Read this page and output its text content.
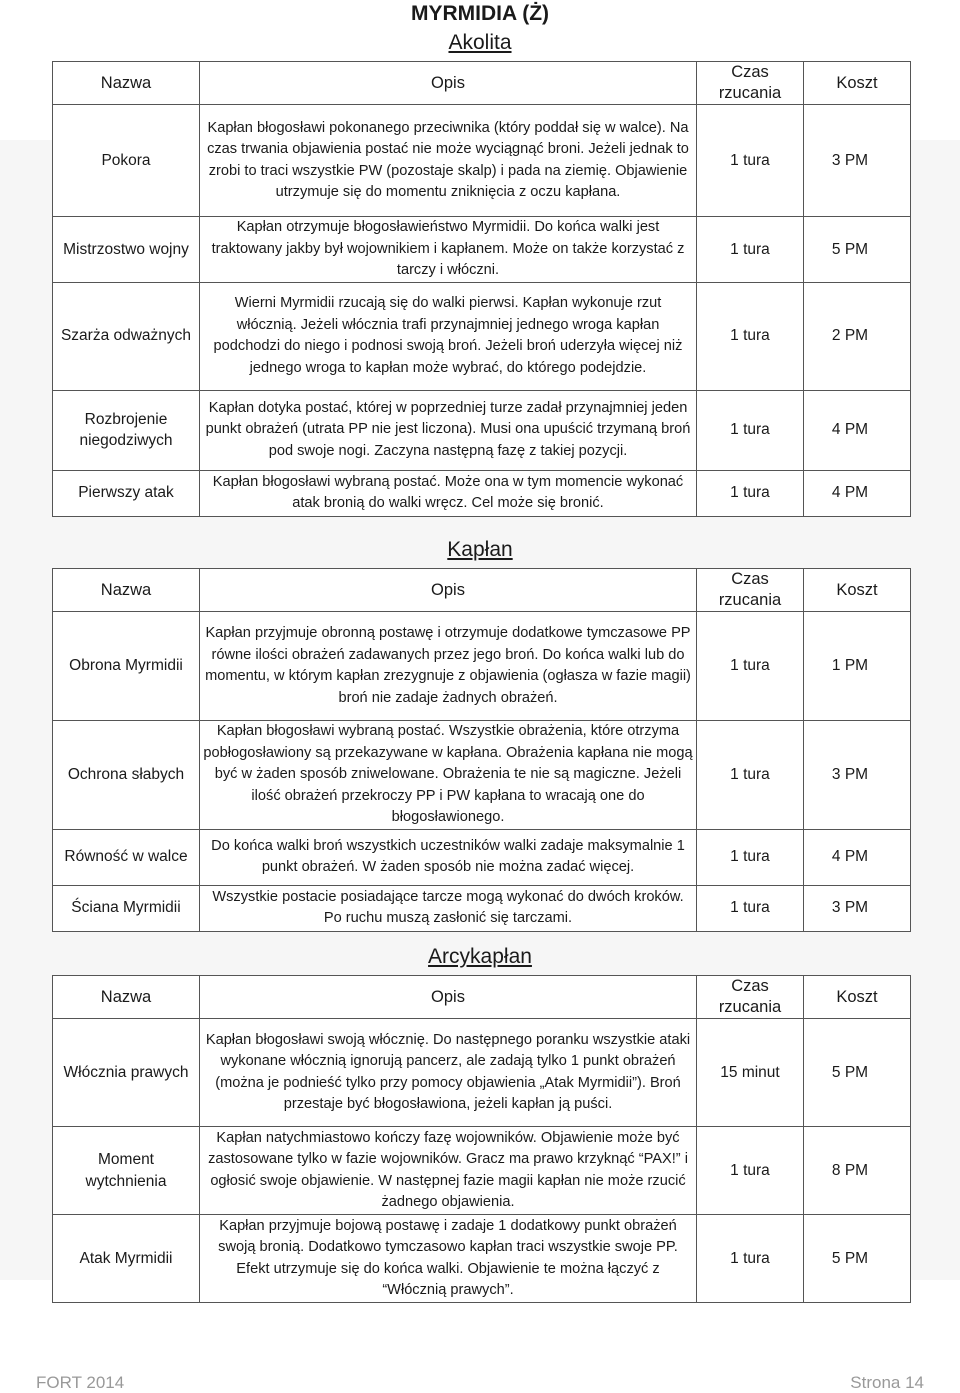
MYRMIDIA (Ż)
Akolita
Nazwa	Opis	Czas rzucania	Koszt
Pokora	Kapłan błogosławi pokonanego przeciwnika (który poddał się w walce). Na czas trwania objawienia postać nie może wyciągnąć broni. Jeżeli jednak to zrobi to traci wszystkie PW (pozostaje skalp) i pada na ziemię. Objawienie utrzymuje się do momentu zniknięcia z oczu kapłana.	1 tura	3 PM
Mistrzostwo wojny	Kapłan otrzymuje błogosławieństwo Myrmidii. Do końca walki jest traktowany jakby był wojownikiem i kapłanem. Może on także korzystać z tarczy i włóczni.	1 tura	5 PM
Szarża odważnych	Wierni Myrmidii rzucają się do walki pierwsi. Kapłan wykonuje rzut włócznią. Jeżeli włócznia trafi przynajmniej jednego wroga kapłan podchodzi do niego i podnosi swoją broń. Jeżeli broń uderzyła więcej niż jednego wroga to kapłan może wybrać, do którego podejdzie.	1 tura	2 PM
Rozbrojenie niegodziwych	Kapłan dotyka postać, której w poprzedniej turze zadał przynajmniej jeden punkt obrażeń (utrata PP nie jest liczona). Musi ona upuścić trzymaną broń pod swoje nogi. Zaczyna następną fazę z takiej pozycji.	1 tura	4 PM
Pierwszy atak	Kapłan błogosławi wybraną postać. Może ona w tym momencie wykonać atak bronią do walki wręcz. Cel może się bronić.	1 tura	4 PM
Kapłan
Nazwa	Opis	Czas rzucania	Koszt
Obrona Myrmidii	Kapłan przyjmuje obronną postawę i otrzymuje dodatkowe tymczasowe PP równe ilości obrażeń zadawanych przez jego broń. Do końca walki lub do momentu, w którym kapłan zrezygnuje z objawienia (ogłasza w fazie magii) broń nie zadaje żadnych obrażeń.	1 tura	1 PM
Ochrona słabych	Kapłan błogosławi wybraną postać. Wszystkie obrażenia, które otrzyma pobłogosławiony są przekazywane w kapłana. Obrażenia kapłana nie mogą być w żaden sposób zniwelowane. Obrażenia te nie są magiczne. Jeżeli ilość obrażeń przekroczy PP i PW kapłana to wracają one do błogosławionego.	1 tura	3 PM
Równość w walce	Do końca walki broń wszystkich uczestników walki zadaje maksymalnie 1 punkt obrażeń. W żaden sposób nie można zadać więcej.	1 tura	4 PM
Ściana Myrmidii	Wszystkie postacie posiadające tarcze mogą wykonać do dwóch kroków. Po ruchu muszą zasłonić się tarczami.	1 tura	3 PM
Arcykapłan
Nazwa	Opis	Czas rzucania	Koszt
Włócznia prawych	Kapłan błogosławi swoją włócznię. Do następnego poranku wszystkie ataki wykonane włócznią ignorują pancerz, ale zadają tylko 1 punkt obrażeń (można je podnieść tylko przy pomocy objawienia „Atak Myrmidii”). Broń przestaje być błogosławiona, jeżeli kapłan ją puści.	15 minut	5 PM
Moment wytchnienia	Kapłan natychmiastowo kończy fazę wojowników. Objawienie może być zastosowane tylko w fazie wojowników. Gracz ma prawo krzyknąć “PAX!” i ogłosić swoje objawienie. W następnej fazie magii kapłan nie może rzucić żadnego objawienia.	1 tura	8 PM
Atak Myrmidii	Kapłan przyjmuje bojową postawę i zadaje 1 dodatkowy punkt obrażeń swoją bronią. Dodatkowo tymczasowo kapłan traci wszystkie swoje PP. Efekt utrzymuje się do końca walki. Objawienie te można łączyć z “Włócznią prawych”.	1 tura	5 PM
FORT 2014	Strona 14
